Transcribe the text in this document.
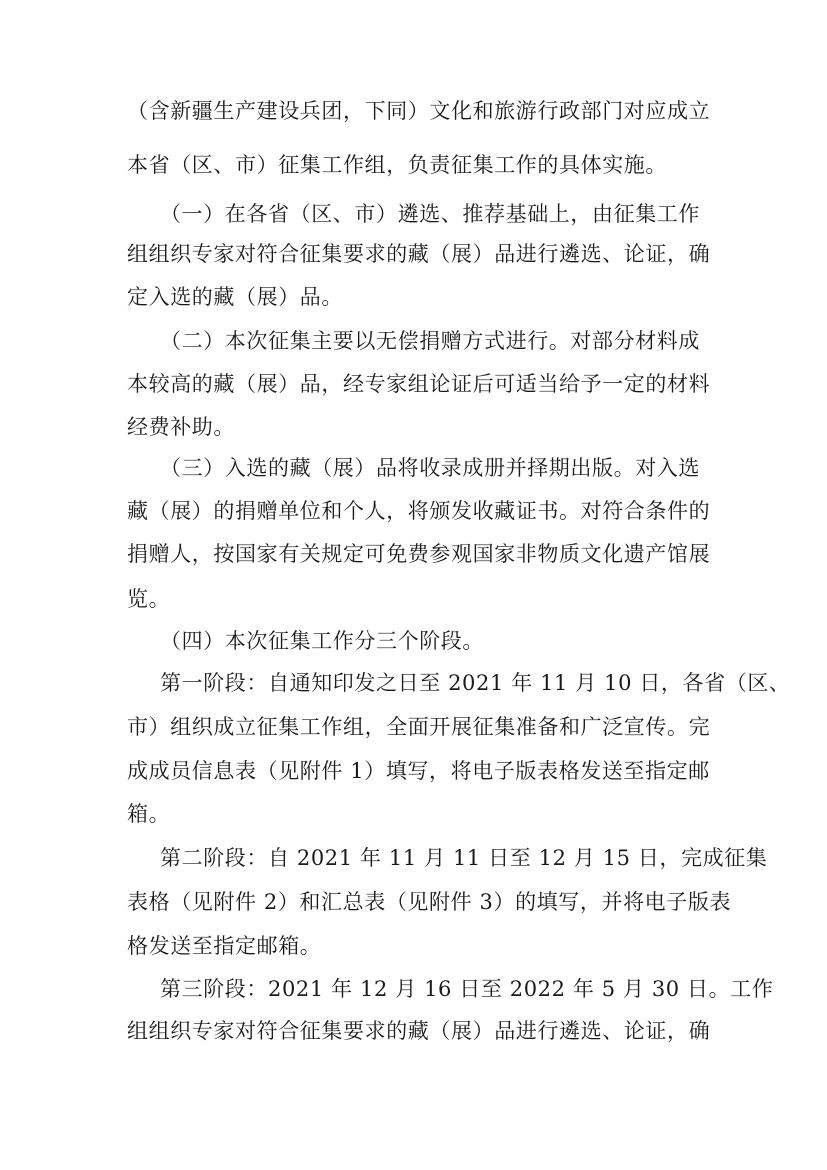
（含新疆生产建设兵团，下同）文化和旅游行政部门对应成立
本省（区、市）征集工作组，负责征集工作的具体实施。
（一）在各省（区、市）遴选、推荐基础上，由征集工作
组组织专家对符合征集要求的藏（展）品进行遴选、论证，确
定入选的藏（展）品。
（二）本次征集主要以无偿捐赠方式进行。对部分材料成
本较高的藏（展）品，经专家组论证后可适当给予一定的材料
经费补助。
（三）入选的藏（展）品将收录成册并择期出版。对入选
藏（展）的捐赠单位和个人，将颁发收藏证书。对符合条件的
捐赠人，按国家有关规定可免费参观国家非物质文化遗产馆展
览。
（四）本次征集工作分三个阶段。
第一阶段：自通知印发之日至 2021 年 11 月 10 日，各省（区、
市）组织成立征集工作组，全面开展征集准备和广泛宣传。完
成成员信息表（见附件 1）填写，将电子版表格发送至指定邮
箱。
第二阶段：自 2021 年 11 月 11 日至 12 月 15 日，完成征集
表格（见附件 2）和汇总表（见附件 3）的填写，并将电子版表
格发送至指定邮箱。
第三阶段：2021 年 12 月 16 日至 2022 年 5 月 30 日。工作
组组织专家对符合征集要求的藏（展）品进行遴选、论证，确
